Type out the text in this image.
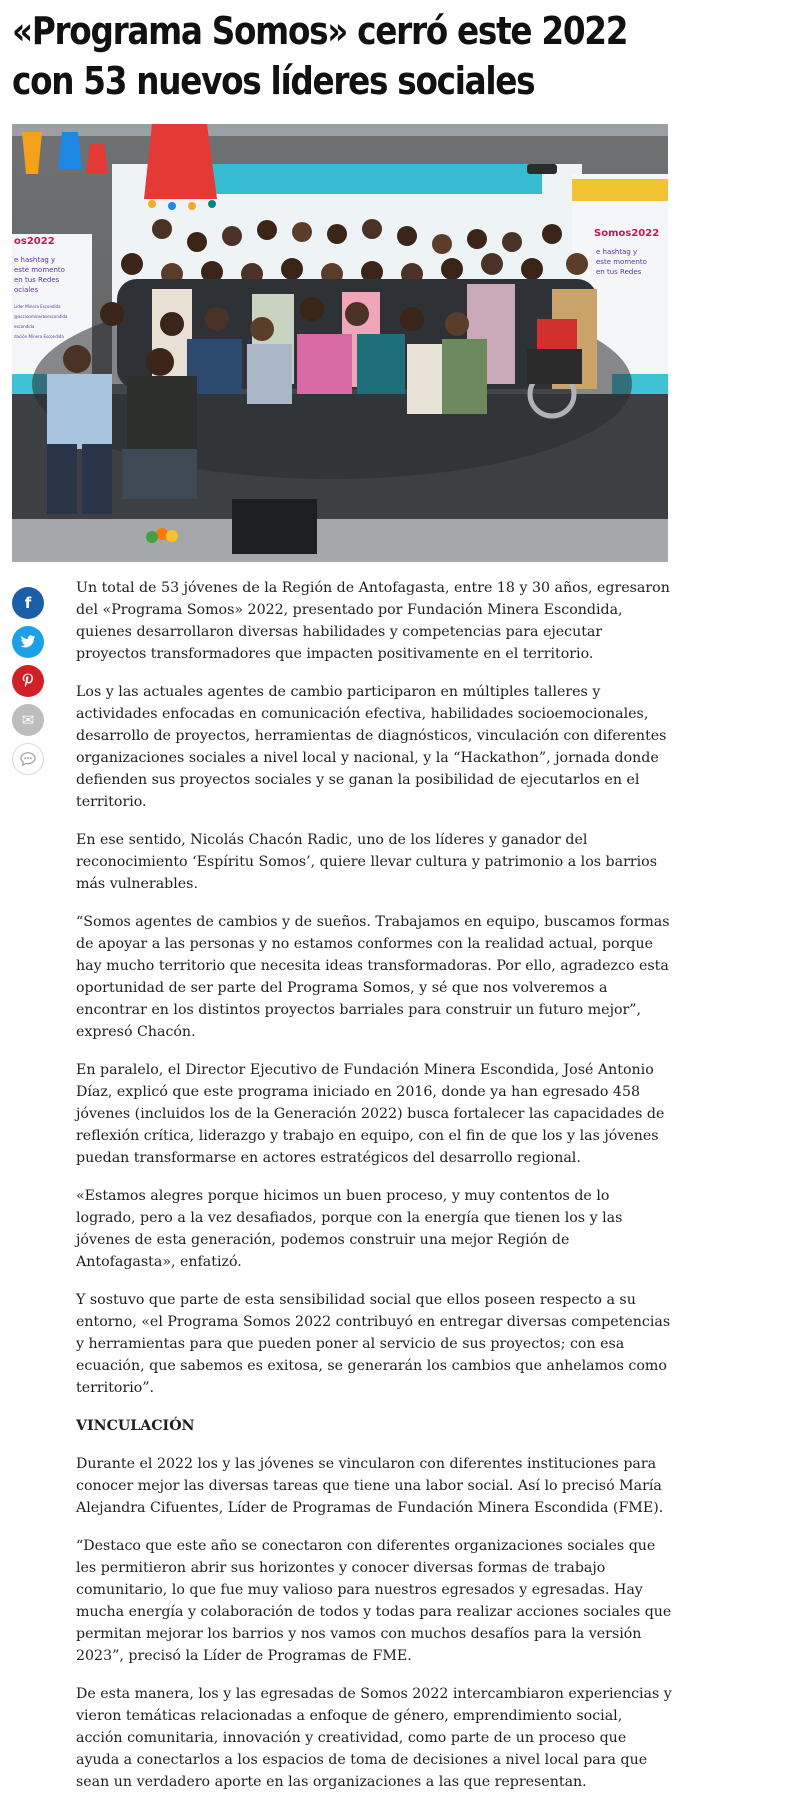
«Programa Somos» cerró este 2022 con 53 nuevos líderes sociales
os2022
e hashtag y
este momento
en tus Redes
ociales
Líder Minera Escondida
@accionminerasescondida
escondida
dación Minera Escondida
Somos2022
e hashtag y
este momento
en tus Redes
f
✉

Un total de 53 jóvenes de la Región de Antofagasta, entre 18 y 30 años, egresaron del «Programa Somos» 2022, presentado por Fundación Minera Escondida, quienes desarrollaron diversas habilidades y competencias para ejecutar proyectos transformadores que impacten positivamente en el territorio.

Los y las actuales agentes de cambio participaron en múltiples talleres y actividades enfocadas en comunicación efectiva, habilidades socioemocionales, desarrollo de proyectos, herramientas de diagnósticos, vinculación con diferentes organizaciones sociales a nivel local y nacional, y la “Hackathon”, jornada donde defienden sus proyectos sociales y se ganan la posibilidad de ejecutarlos en el territorio.

En ese sentido, Nicolás Chacón Radic, uno de los líderes y ganador del reconocimiento ‘Espíritu Somos’, quiere llevar cultura y patrimonio a los barrios más vulnerables.

“Somos agentes de cambios y de sueños. Trabajamos en equipo, buscamos formas de apoyar a las personas y no estamos conformes con la realidad actual, porque hay mucho territorio que necesita ideas transformadoras. Por ello, agradezco esta oportunidad de ser parte del Programa Somos, y sé que nos volveremos a encontrar en los distintos proyectos barriales para construir un futuro mejor”, expresó Chacón.

En paralelo, el Director Ejecutivo de Fundación Minera Escondida, José Antonio Díaz, explicó que este programa iniciado en 2016, donde ya han egresado 458 jóvenes (incluidos los de la Generación 2022) busca fortalecer las capacidades de reflexión crítica, liderazgo y trabajo en equipo, con el fin de que los y las jóvenes puedan transformarse en actores estratégicos del desarrollo regional.

«Estamos alegres porque hicimos un buen proceso, y muy contentos de lo logrado, pero a la vez desafiados, porque con la energía que tienen los y las jóvenes de esta generación, podemos construir una mejor Región de Antofagasta», enfatizó.

Y sostuvo que parte de esta sensibilidad social que ellos poseen respecto a su entorno, «el Programa Somos 2022 contribuyó en entregar diversas competencias y herramientas para que pueden poner al servicio de sus proyectos; con esa ecuación, que sabemos es exitosa, se generarán los cambios que anhelamos como territorio”.

VINCULACIÓN

Durante el 2022 los y las jóvenes se vincularon con diferentes instituciones para conocer mejor las diversas tareas que tiene una labor social. Así lo precisó María Alejandra Cifuentes, Líder de Programas de Fundación Minera Escondida (FME).

“Destaco que este año se conectaron con diferentes organizaciones sociales que les permitieron abrir sus horizontes y conocer diversas formas de trabajo comunitario, lo que fue muy valioso para nuestros egresados y egresadas. Hay mucha energía y colaboración de todos y todas para realizar acciones sociales que permitan mejorar los barrios y nos vamos con muchos desafíos para la versión 2023”, precisó la Líder de Programas de FME.

De esta manera, los y las egresadas de Somos 2022 intercambiaron experiencias y vieron temáticas relacionadas a enfoque de género, emprendimiento social, acción comunitaria, innovación y creatividad, como parte de un proceso que ayuda a conectarlos a los espacios de toma de decisiones a nivel local para que sean un verdadero aporte en las organizaciones a las que representan.
